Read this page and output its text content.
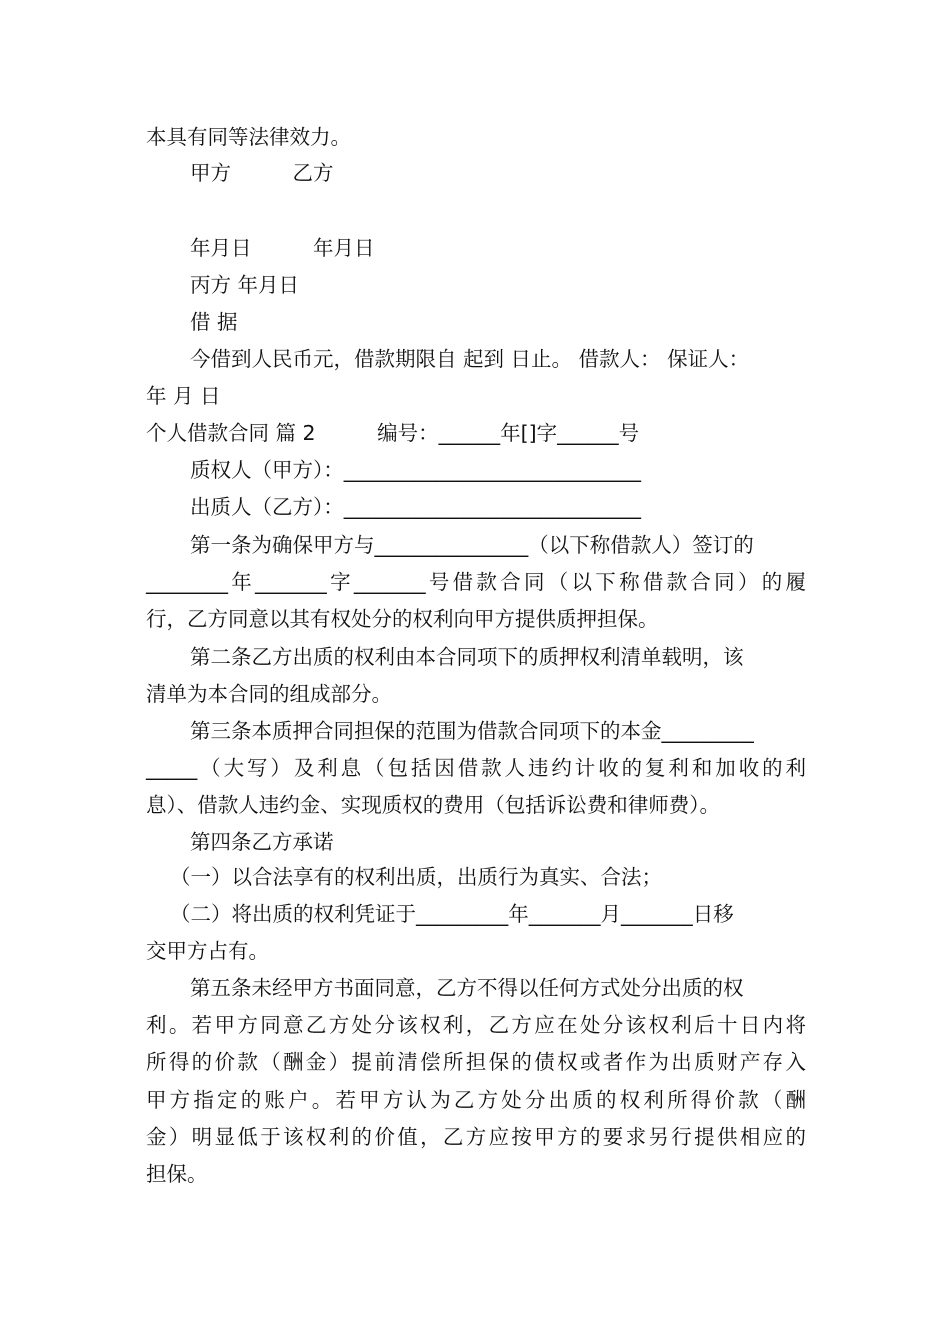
本具有同等法律效力。
甲方　　　乙方
年月日　　　年月日
丙方 年月日
借 据
今借到人民币元，借款期限自 起到 日止。 借款人： 保证人：
年 月 日
个人借款合同 篇 2　　　编号：______年[]字______号
质权人（甲方）：_____________________________
出质人（乙方）：_____________________________
第一条为确保甲方与_______________（以下称借款人）签订的
________年_______字_______号借款合同（以下称借款合同）的履
行，乙方同意以其有权处分的权利向甲方提供质押担保。
第二条乙方出质的权利由本合同项下的质押权利清单载明，该
清单为本合同的组成部分。
第三条本质押合同担保的范围为借款合同项下的本金_________
_____（大写）及利息（包括因借款人违约计收的复利和加收的利
息）、借款人违约金、实现质权的费用（包括诉讼费和律师费）。
第四条乙方承诺
（一）以合法享有的权利出质，出质行为真实、合法；
（二）将出质的权利凭证于_________年_______月_______日移
交甲方占有。
第五条未经甲方书面同意，乙方不得以任何方式处分出质的权
利。若甲方同意乙方处分该权利，乙方应在处分该权利后十日内将
所得的价款（酬金）提前清偿所担保的债权或者作为出质财产存入
甲方指定的账户。若甲方认为乙方处分出质的权利所得价款（酬
金）明显低于该权利的价值，乙方应按甲方的要求另行提供相应的
担保。
